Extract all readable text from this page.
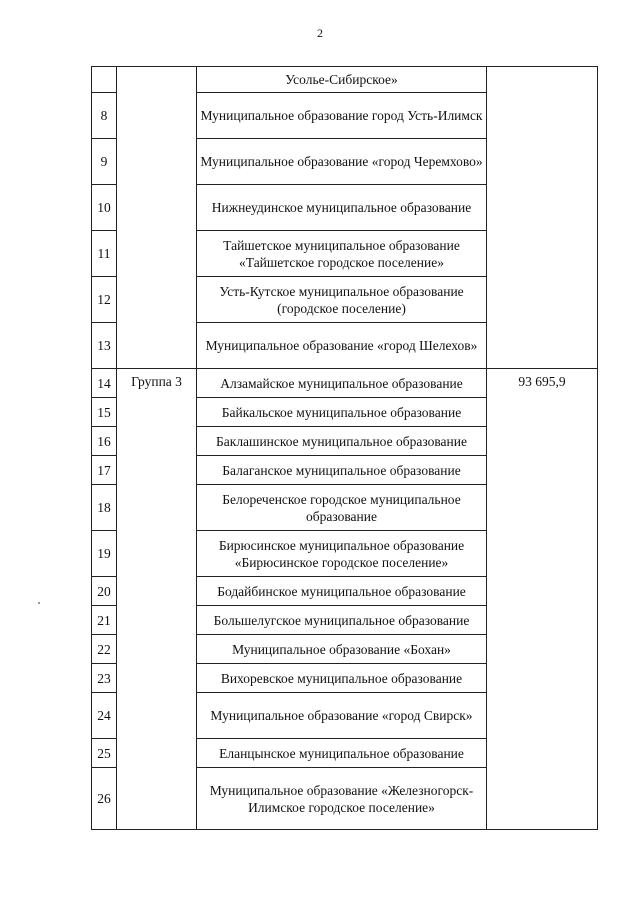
2
		Усолье-Сибирское»	
8		Муниципальное образование город Усть-Илимск	
9		Муниципальное образование «город Черемхово»	
10		Нижнеудинское муниципальное образование	
11		Тайшетское муниципальное образование «Тайшетское городское поселение»	
12		Усть-Кутское муниципальное образование (городское поселение)	
13		Муниципальное образование «город Шелехов»	
14	Группа 3	Алзамайское муниципальное образование	93 695,9
15		Байкальское муниципальное образование	
16		Баклашинское муниципальное образование	
17		Балаганское муниципальное образование	
18		Белореченское городское муниципальное образование	
19		Бирюсинское муниципальное образование «Бирюсинское городское поселение»	
20		Бодайбинское муниципальное образование	
21		Большелугское муниципальное образование	
22		Муниципальное образование «Бохан»	
23		Вихоревское муниципальное образование	
24		Муниципальное образование «город Свирск»	
25		Еланцынское муниципальное образование	
26		Муниципальное образование «Железногорск-Илимское городское поселение»	
